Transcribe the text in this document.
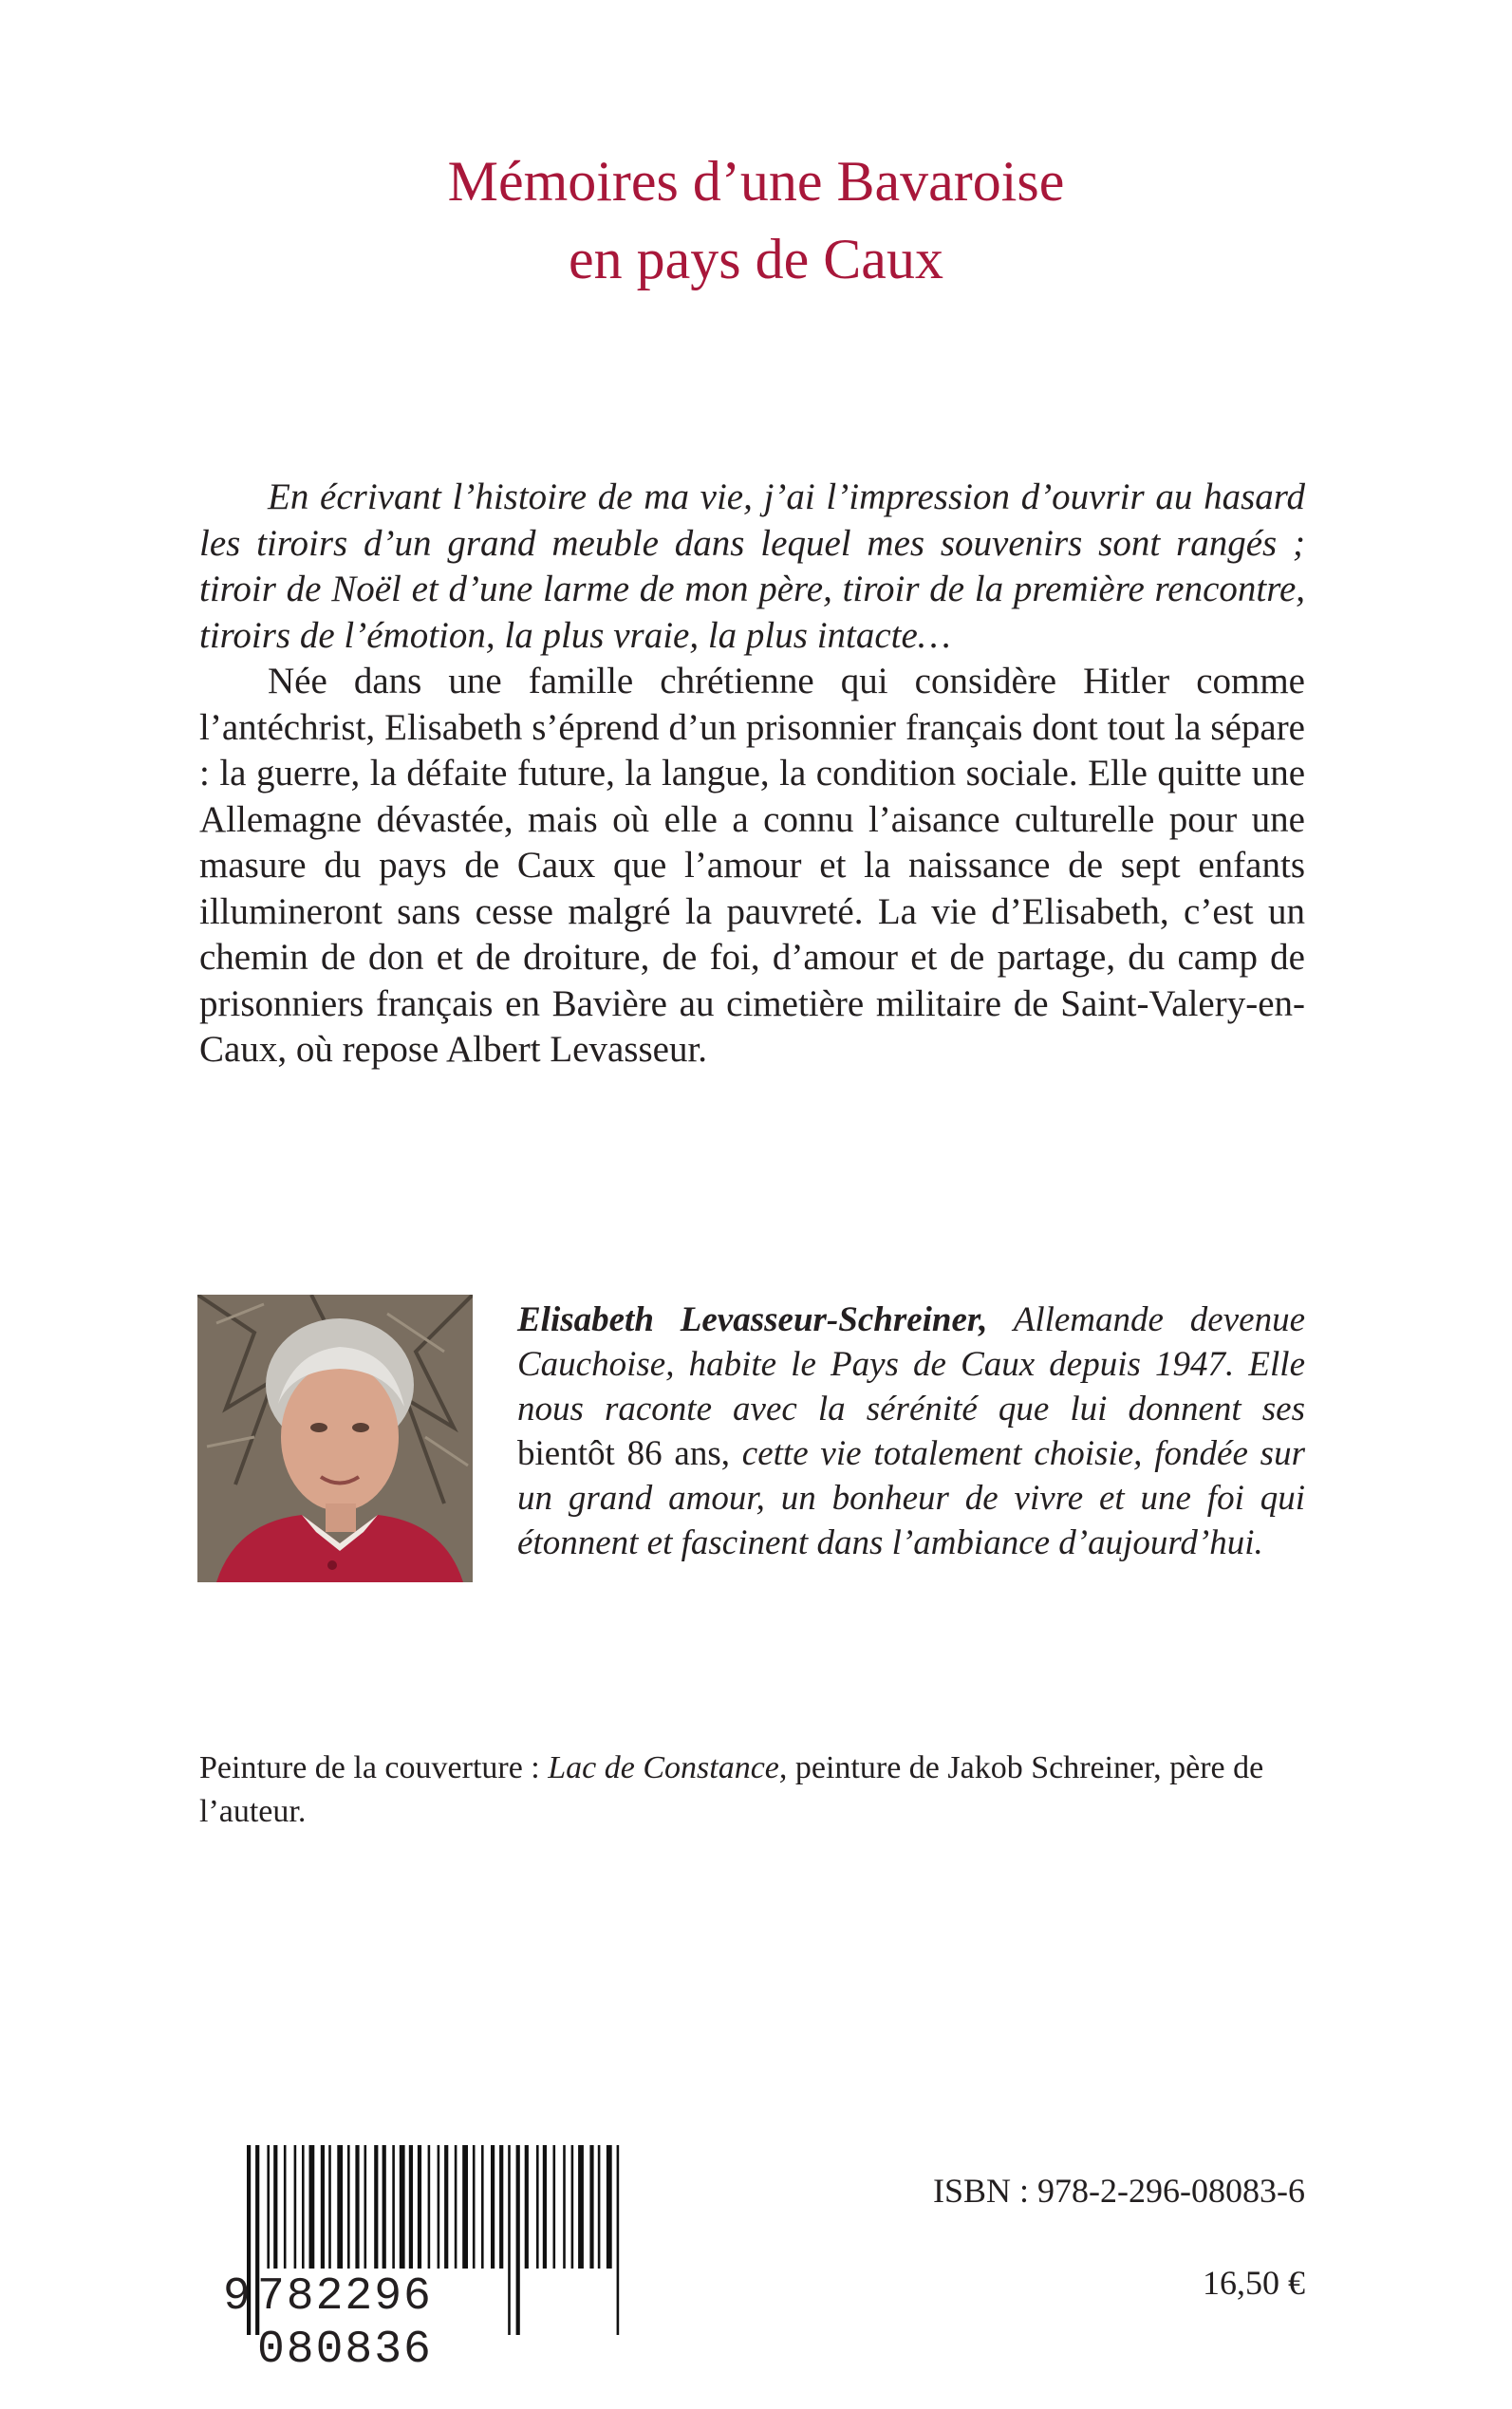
Mémoires d’une Bavaroise
en pays de Caux

En écrivant l’histoire de ma vie, j’ai l’impression d’ouvrir au hasard les tiroirs d’un grand meuble dans lequel mes souvenirs sont rangés ; tiroir de Noël et d’une larme de mon père, tiroir de la première rencontre, tiroirs de l’émotion, la plus vraie, la plus intacte…

Née dans une famille chrétienne qui considère Hitler comme l’antéchrist, Elisabeth s’éprend d’un prisonnier français dont tout la sépare : la guerre, la défaite future, la langue, la condition sociale. Elle quitte une Allemagne dévastée, mais où elle a connu l’aisance culturelle pour une masure du pays de Caux que l’amour et la naissance de sept enfants illumineront sans cesse malgré la pauvreté. La vie d’Elisabeth, c’est un chemin de don et de droiture, de foi, d’amour et de partage, du camp de prisonniers français en Bavière au cimetière militaire de Saint-Valery-en-Caux, où repose Albert Levasseur.

Elisabeth Levasseur-Schreiner, Allemande devenue Cauchoise, habite le Pays de Caux depuis 1947. Elle nous raconte avec la sérénité que lui donnent ses bientôt 86 ans, cette vie totalement choisie, fondée sur un grand amour, un bonheur de vivre et une foi qui étonnent et fascinent dans l’ambiance d’aujourd’hui.
Peinture de la couverture : Lac de Constance, peinture de Jakob Schreiner, père de l’auteur.
9 782296 080836
ISBN : 978-2-296-08083-6
16,50 €
